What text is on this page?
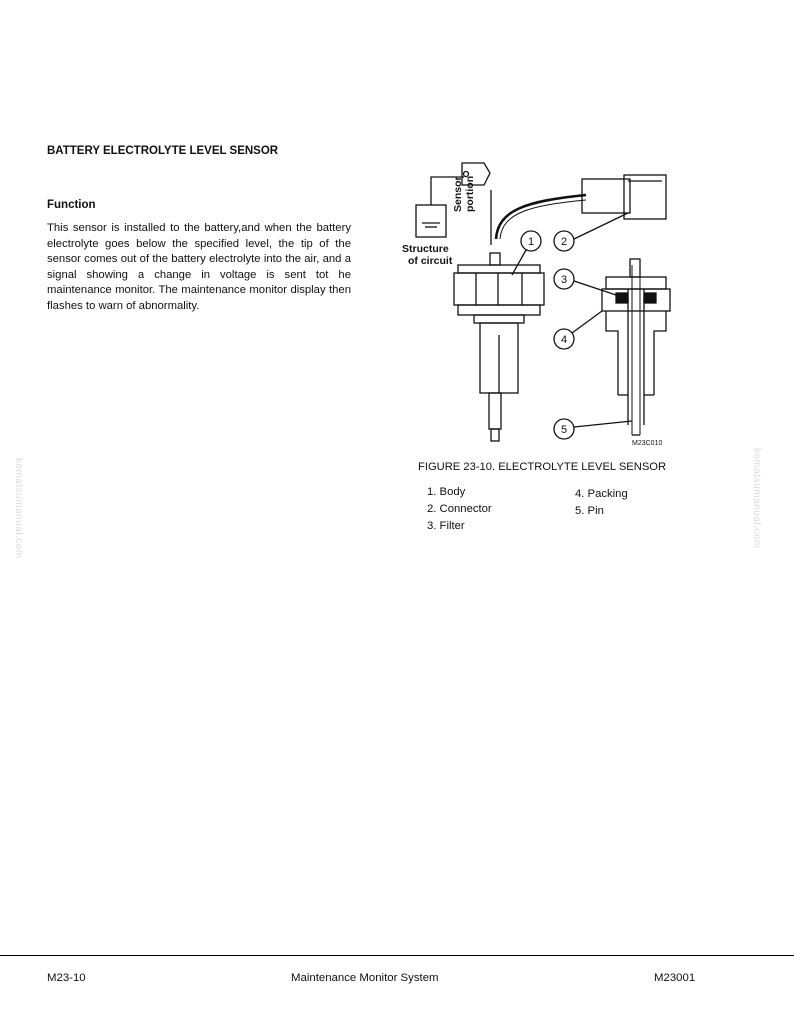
BATTERY ELECTROLYTE LEVEL SENSOR
Function
This sensor is installed to the battery,and when the battery electrolyte goes below the specified level, the tip of the sensor comes out of the battery electrolyte into the air, and a signal showing a change in voltage is sent tot he maintenance monitor. The maintenance monitor display then flashes to warn of abnormality.
Sensor portion
Structure
of circuit
1 2
3
4
5
M23C010
FIGURE 23-10. ELECTROLYTE LEVEL SENSOR
1. Body
2. Connector
3. Filter
4. Packing
5. Pin
komatsumanual.com	komatsumanual.com
M23-10	Maintenance Monitor System	M23001
